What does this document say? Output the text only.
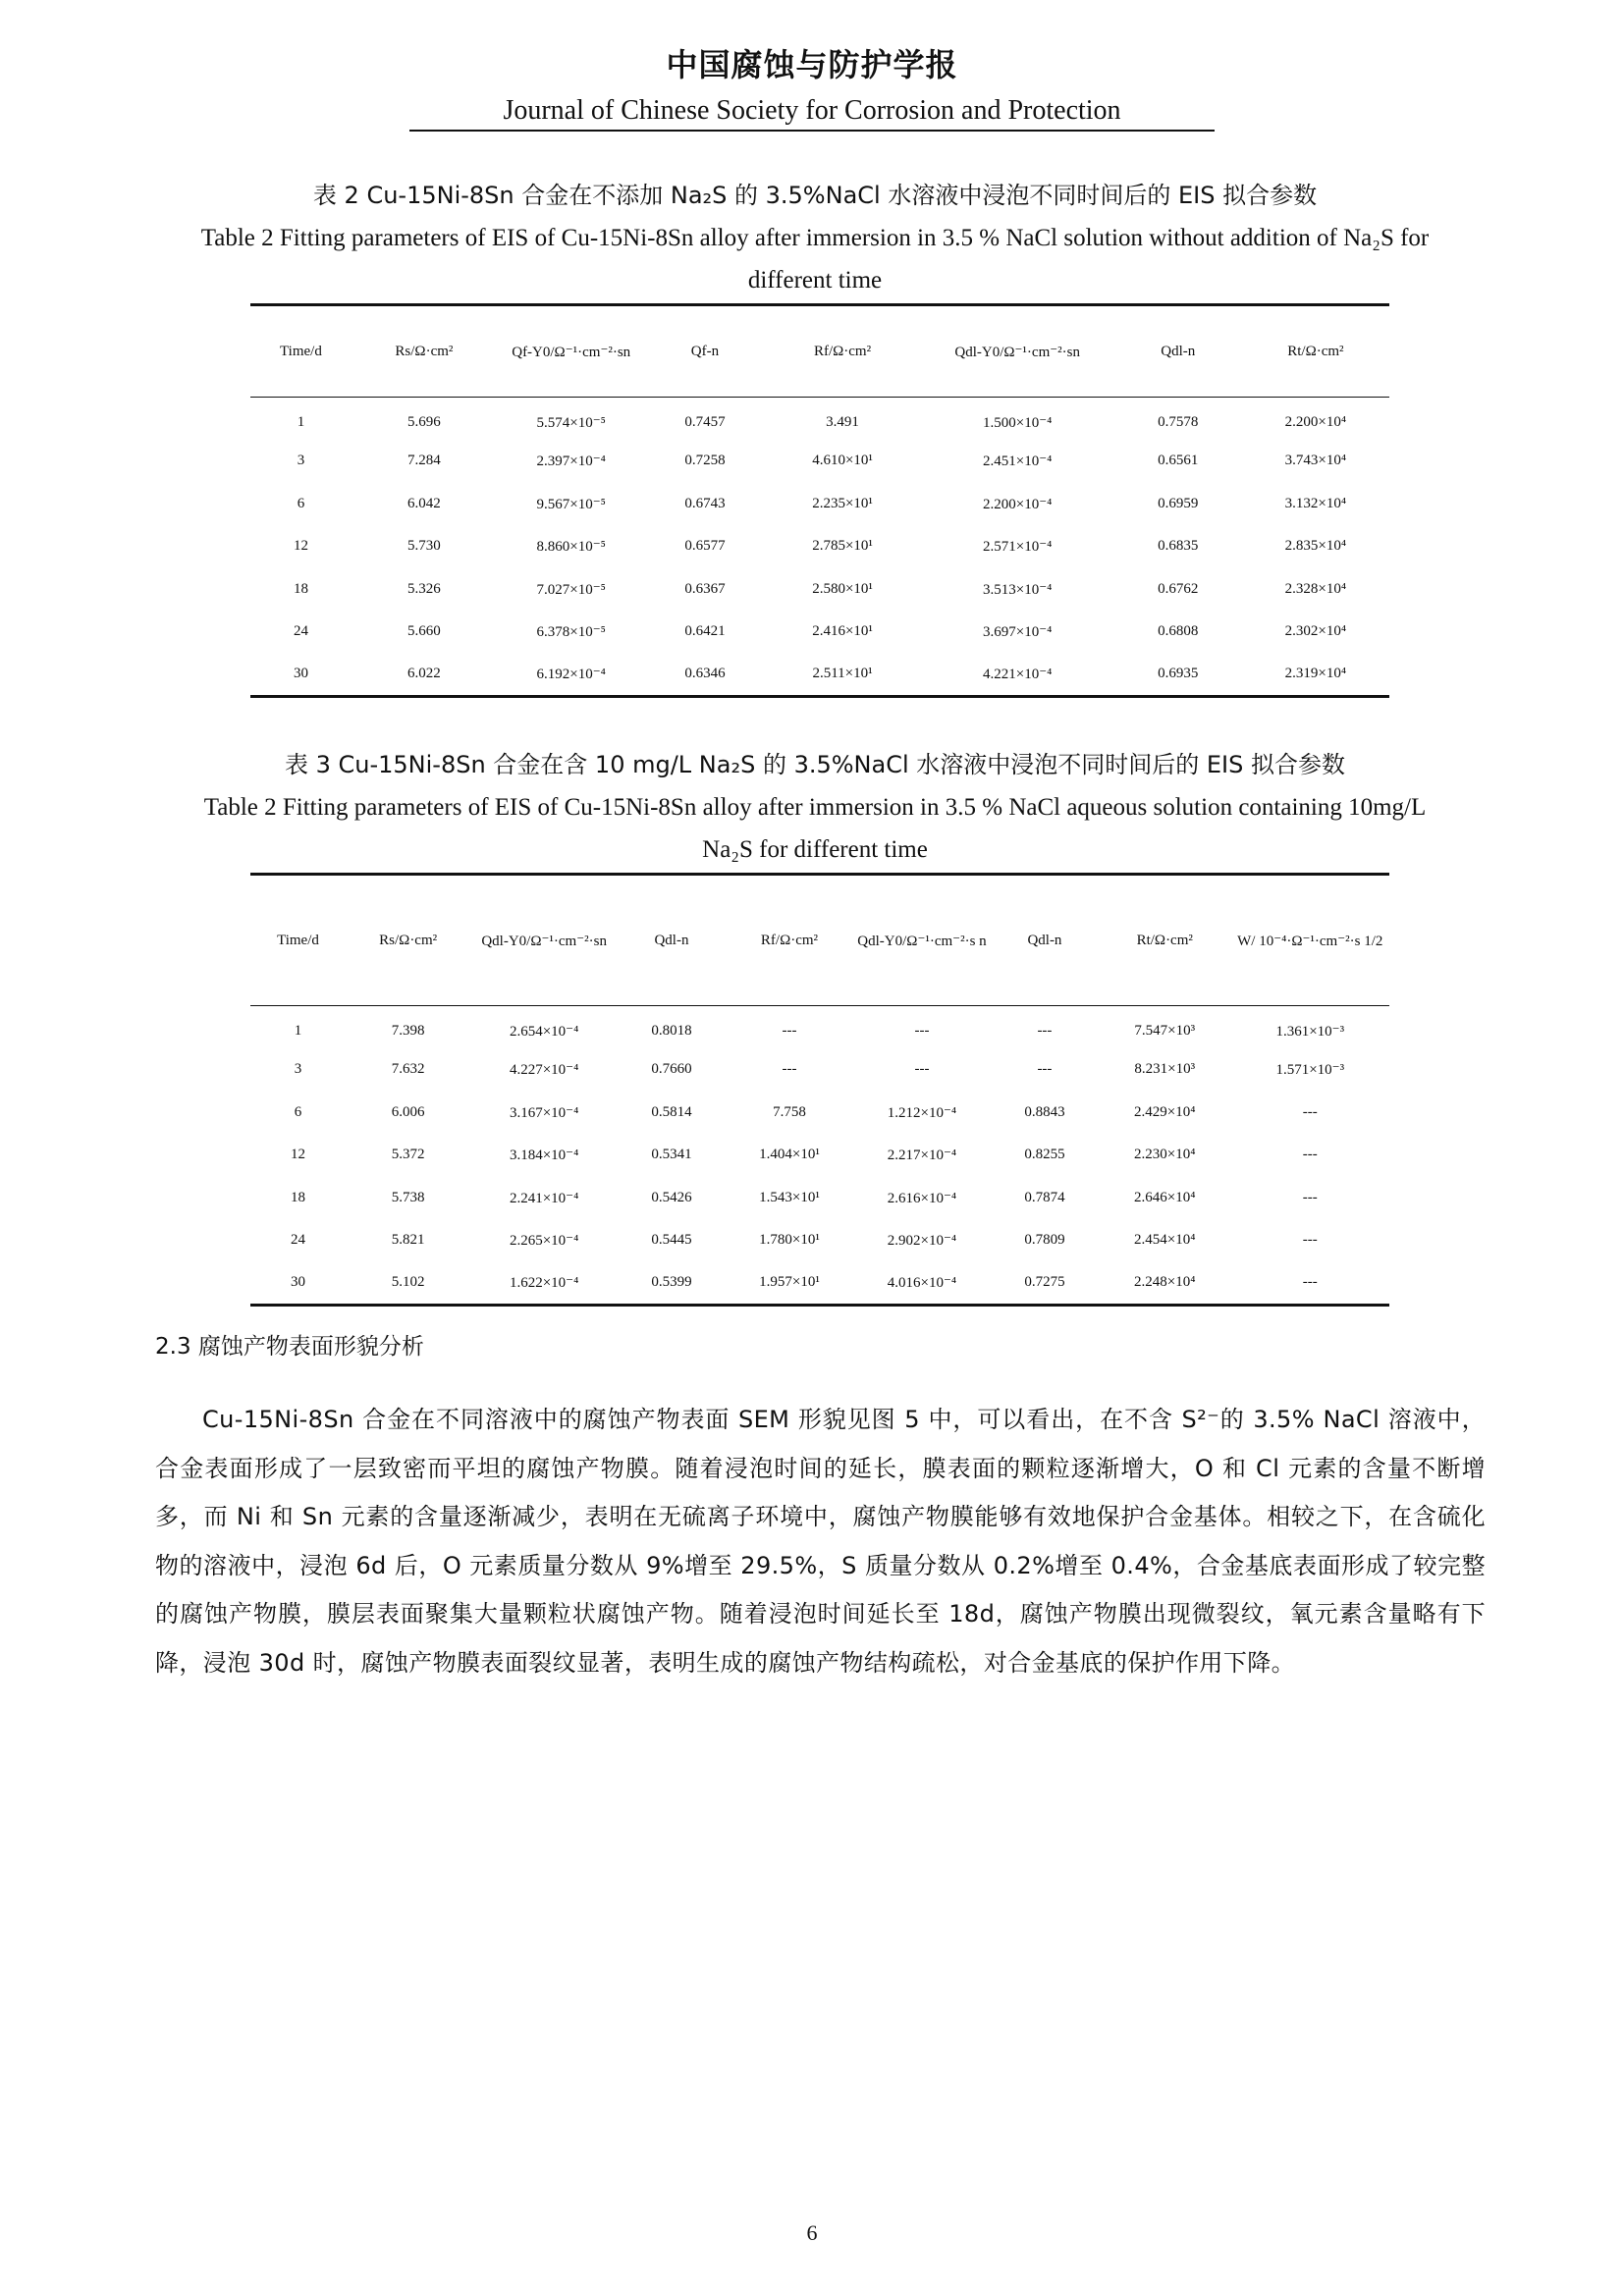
中国腐蚀与防护学报
Journal of Chinese Society for Corrosion and Protection
表 2 Cu-15Ni-8Sn 合金在不添加 Na₂S 的 3.5%NaCl 水溶液中浸泡不同时间后的 EIS 拟合参数
Table 2 Fitting parameters of EIS of Cu-15Ni-8Sn alloy after immersion in 3.5 % NaCl solution without addition of Na₂S for different time
Time/d	Rs/Ω·cm²	Qf-Y0/Ω⁻¹·cm⁻²·sn	Qf-n	Rf/Ω·cm²	Qdl-Y0/Ω⁻¹·cm⁻²·sn	Qdl-n	Rt/Ω·cm²
1	5.696	5.574×10⁻⁵	0.7457	3.491	1.500×10⁻⁴	0.7578	2.200×10⁴
3	7.284	2.397×10⁻⁴	0.7258	4.610×10¹	2.451×10⁻⁴	0.6561	3.743×10⁴
6	6.042	9.567×10⁻⁵	0.6743	2.235×10¹	2.200×10⁻⁴	0.6959	3.132×10⁴
12	5.730	8.860×10⁻⁵	0.6577	2.785×10¹	2.571×10⁻⁴	0.6835	2.835×10⁴
18	5.326	7.027×10⁻⁵	0.6367	2.580×10¹	3.513×10⁻⁴	0.6762	2.328×10⁴
24	5.660	6.378×10⁻⁵	0.6421	2.416×10¹	3.697×10⁻⁴	0.6808	2.302×10⁴
30	6.022	6.192×10⁻⁴	0.6346	2.511×10¹	4.221×10⁻⁴	0.6935	2.319×10⁴
表 3 Cu-15Ni-8Sn 合金在含 10 mg/L Na₂S 的 3.5%NaCl 水溶液中浸泡不同时间后的 EIS 拟合参数
Table 2 Fitting parameters of EIS of Cu-15Ni-8Sn alloy after immersion in 3.5 % NaCl aqueous solution containing 10mg/L Na₂S for different time
Time/d	Rs/Ω·cm²	Qdl-Y0/Ω⁻¹·cm⁻²·sn	Qdl-n	Rf/Ω·cm²	Qdl-Y0/Ω⁻¹·cm⁻²·s n	Qdl-n	Rt/Ω·cm²	W/ 10⁻⁴·Ω⁻¹·cm⁻²·s 1/2
1	7.398	2.654×10⁻⁴	0.8018	---	---	---	7.547×10³	1.361×10⁻³
3	7.632	4.227×10⁻⁴	0.7660	---	---	---	8.231×10³	1.571×10⁻³
6	6.006	3.167×10⁻⁴	0.5814	7.758	1.212×10⁻⁴	0.8843	2.429×10⁴	---
12	5.372	3.184×10⁻⁴	0.5341	1.404×10¹	2.217×10⁻⁴	0.8255	2.230×10⁴	---
18	5.738	2.241×10⁻⁴	0.5426	1.543×10¹	2.616×10⁻⁴	0.7874	2.646×10⁴	---
24	5.821	2.265×10⁻⁴	0.5445	1.780×10¹	2.902×10⁻⁴	0.7809	2.454×10⁴	---
30	5.102	1.622×10⁻⁴	0.5399	1.957×10¹	4.016×10⁻⁴	0.7275	2.248×10⁴	---
2.3 腐蚀产物表面形貌分析
Cu-15Ni-8Sn 合金在不同溶液中的腐蚀产物表面 SEM 形貌见图 5 中，可以看出，在不含 S²⁻的 3.5% NaCl 溶液中，合金表面形成了一层致密而平坦的腐蚀产物膜。随着浸泡时间的延长，膜表面的颗粒逐渐增大，O 和 Cl 元素的含量不断增多，而 Ni 和 Sn 元素的含量逐渐减少，表明在无硫离子环境中，腐蚀产物膜能够有效地保护合金基体。相较之下，在含硫化物的溶液中，浸泡 6d 后，O 元素质量分数从 9%增至 29.5%，S 质量分数从 0.2%增至 0.4%，合金基底表面形成了较完整的腐蚀产物膜，膜层表面聚集大量颗粒状腐蚀产物。随着浸泡时间延长至 18d，腐蚀产物膜出现微裂纹，氧元素含量略有下降，浸泡 30d 时，腐蚀产物膜表面裂纹显著，表明生成的腐蚀产物结构疏松，对合金基底的保护作用下降。
6
